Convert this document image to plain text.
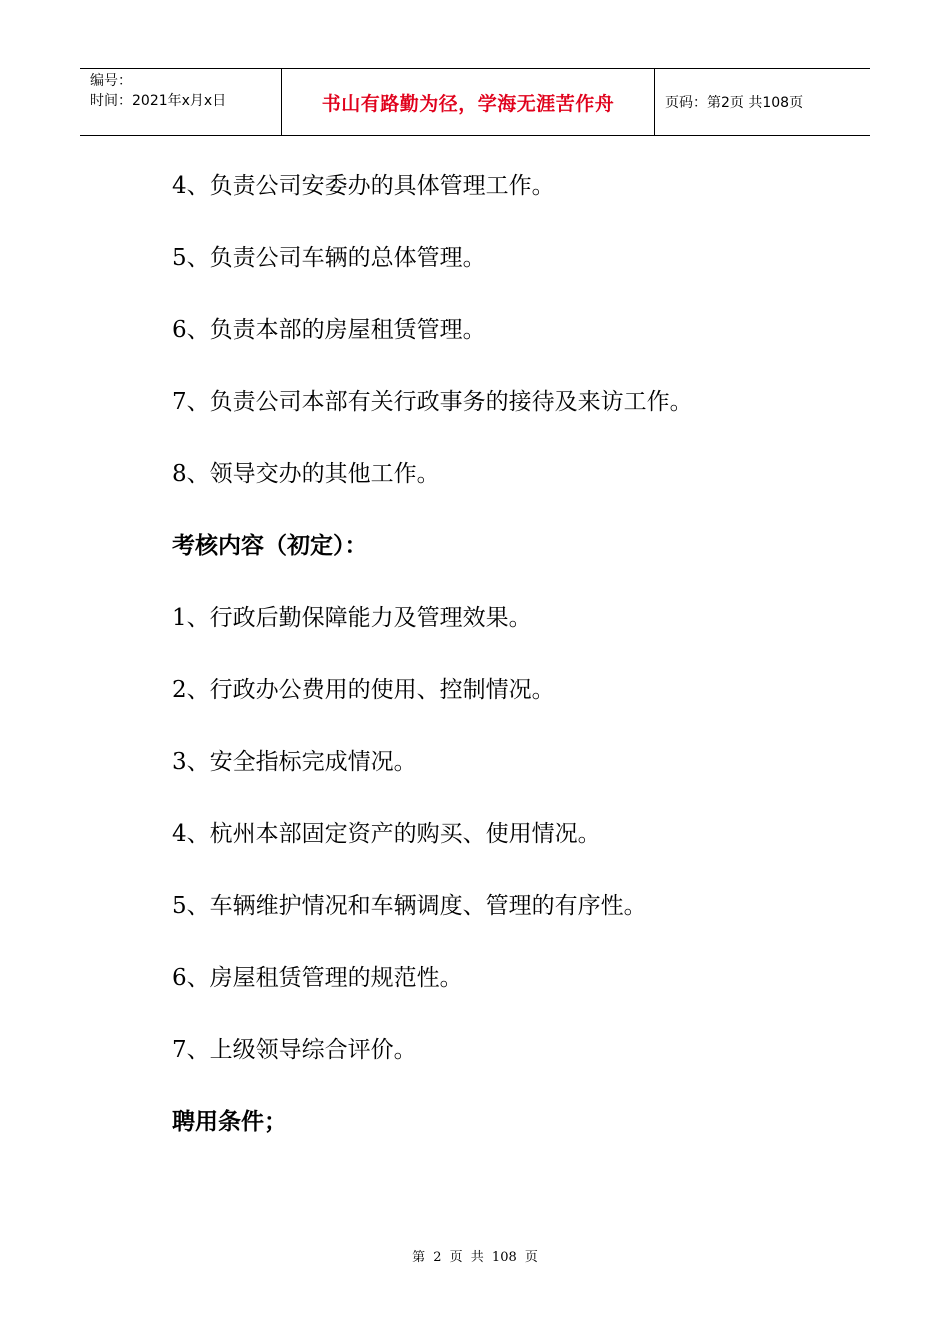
编号：
时间：2021年x月x日	书山有路勤为径，学海无涯苦作舟	页码：第2页 共108页
4、负责公司安委办的具体管理工作。
5、负责公司车辆的总体管理。
6、负责本部的房屋租赁管理。
7、负责公司本部有关行政事务的接待及来访工作。
8、领导交办的其他工作。
考核内容（初定）：
1、行政后勤保障能力及管理效果。
2、行政办公费用的使用、控制情况。
3、安全指标完成情况。
4、杭州本部固定资产的购买、使用情况。
5、车辆维护情况和车辆调度、管理的有序性。
6、房屋租赁管理的规范性。
7、上级领导综合评价。
聘用条件；
第 2 页 共 108 页
